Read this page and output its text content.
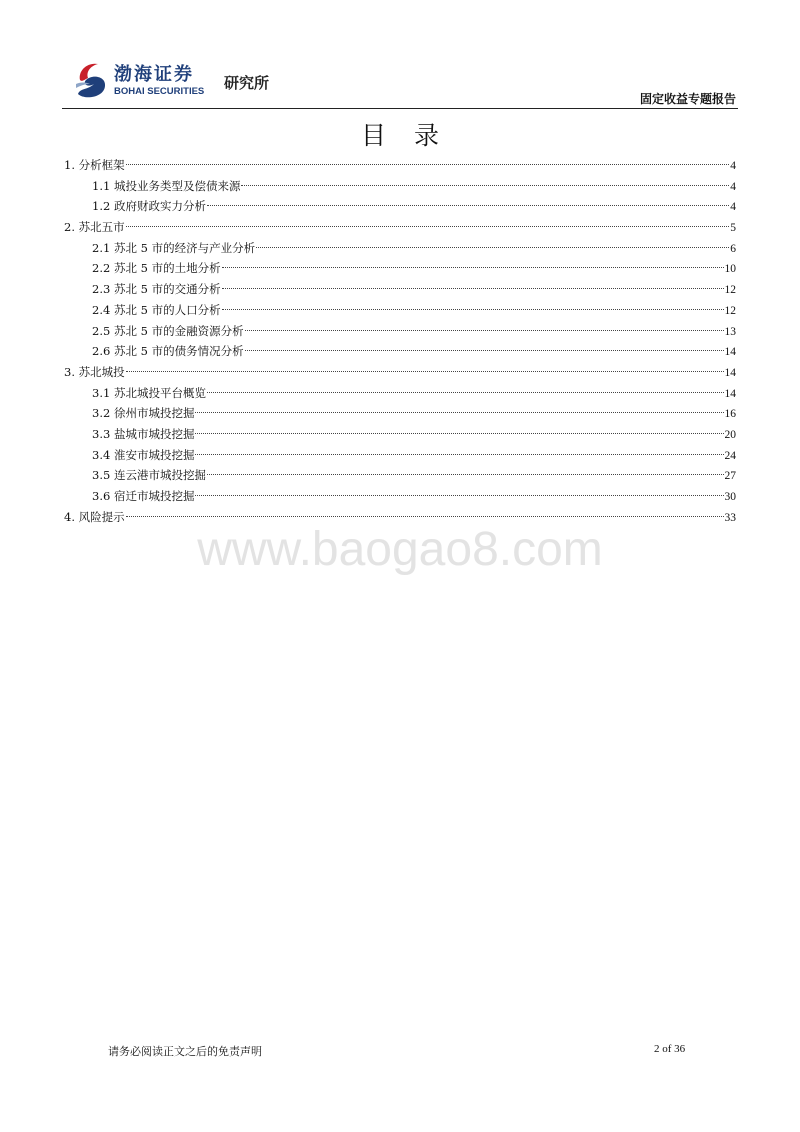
渤海证券
BOHAI SECURITIES 研究所
固定收益专题报告
目录
1. 分析框架	4
1.1 城投业务类型及偿债来源	4
1.2 政府财政实力分析	4
2. 苏北五市	5
2.1 苏北 5 市的经济与产业分析	6
2.2 苏北 5 市的土地分析	10
2.3 苏北 5 市的交通分析	12
2.4 苏北 5 市的人口分析	12
2.5 苏北 5 市的金融资源分析	13
2.6 苏北 5 市的债务情况分析	14
3. 苏北城投	14
3.1 苏北城投平台概览	14
3.2 徐州市城投挖掘	16
3.3 盐城市城投挖掘	20
3.4 淮安市城投挖掘	24
3.5 连云港市城投挖掘	27
3.6 宿迁市城投挖掘	30
4. 风险提示	33
www.baogao8.com
请务必阅读正文之后的免责声明	2 of 36
